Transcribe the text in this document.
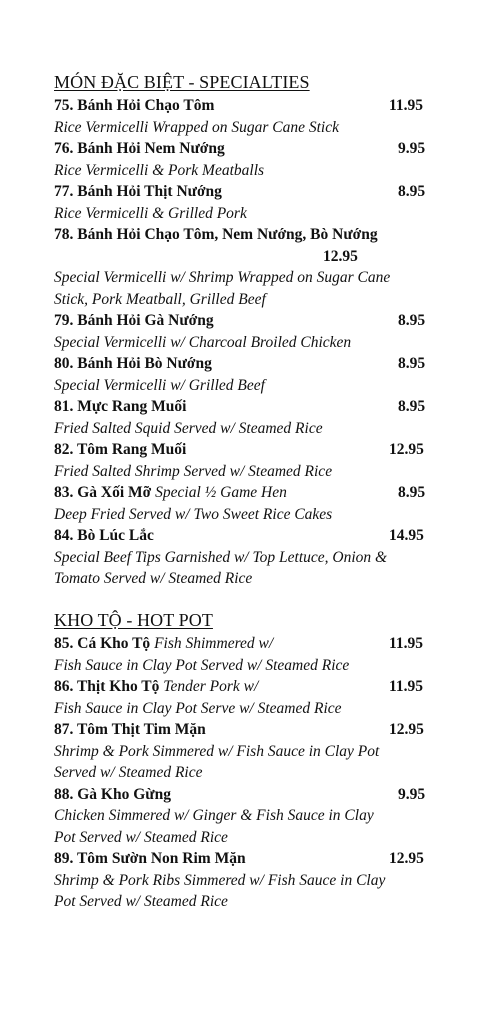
MÓN ĐẶC BIỆT - SPECIALTIES
75. Bánh Hỏi Chạo Tôm	11.95
Rice Vermicelli Wrapped on Sugar Cane Stick
76. Bánh Hỏi Nem Nướng	9.95
Rice Vermicelli & Pork Meatballs
77. Bánh Hỏi Thịt Nướng	8.95
Rice Vermicelli & Grilled Pork
78. Bánh Hỏi Chạo Tôm, Nem Nướng, Bò Nướng
12.95
Special Vermicelli w/ Shrimp Wrapped on Sugar Cane
Stick, Pork Meatball, Grilled Beef
79. Bánh Hỏi Gà Nướng	8.95
Special Vermicelli w/ Charcoal Broiled Chicken
80. Bánh Hỏi Bò Nướng	8.95
Special Vermicelli w/ Grilled Beef
81. Mực Rang Muối	8.95
Fried Salted Squid Served w/ Steamed Rice
82. Tôm Rang Muối	12.95
Fried Salted Shrimp Served w/ Steamed Rice
83. Gà Xối Mỡ Special ½ Game Hen	8.95
Deep Fried Served w/ Two Sweet Rice Cakes
84. Bò Lúc Lắc	14.95
Special Beef Tips Garnished w/ Top Lettuce, Onion &
Tomato Served w/ Steamed Rice
KHO TỘ - HOT POT
85. Cá Kho Tộ Fish Shimmered w/	11.95
Fish Sauce in Clay Pot Served w/ Steamed Rice
86. Thịt Kho Tộ Tender Pork w/	11.95
Fish Sauce in Clay Pot Serve w/ Steamed Rice
87. Tôm Thịt Tim Mặn	12.95
Shrimp & Pork Simmered w/ Fish Sauce in Clay Pot
Served w/ Steamed Rice
88. Gà Kho Gừng	9.95
Chicken Simmered w/ Ginger & Fish Sauce in Clay
Pot Served w/ Steamed Rice
89. Tôm Sườn Non Rim Mặn	12.95
Shrimp & Pork Ribs Simmered w/ Fish Sauce in Clay
Pot Served w/ Steamed Rice
